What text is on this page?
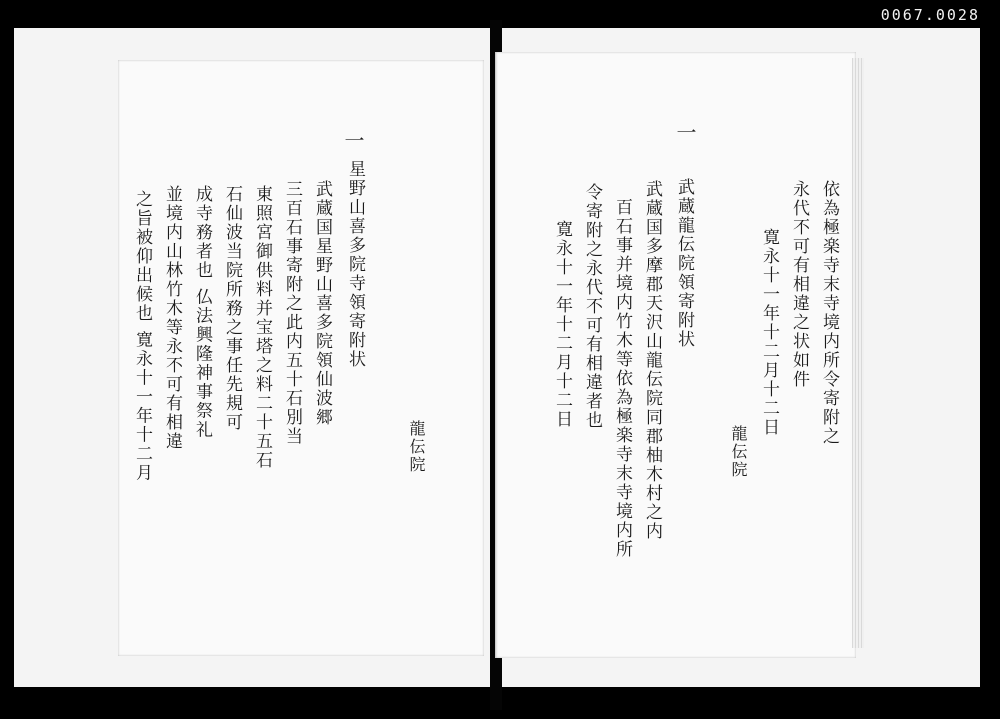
0067.0028
一
星野山喜多院寺領寄附状
武蔵国星野山喜多院領仙波郷
三百石事寄附之此内五十石別当
東照宮御供料并宝塔之料二十五石
石仙波当院所務之事任先規可
成寺務者也 仏法興隆神事祭礼
並境内山林竹木等永不可有相違
之旨被仰出候也 寛永十一年十二月	龍伝院
依為極楽寺末寺境内所令寄附之
永代不可有相違之状如件
寛永十一年十二月十二日
龍伝院
一
武蔵龍伝院領寄附状
武蔵国多摩郡天沢山龍伝院同郡柚木村之内
百石事并境内竹木等依為極楽寺末寺境内所
令寄附之永代不可有相違者也
寛永十一年十二月十二日
